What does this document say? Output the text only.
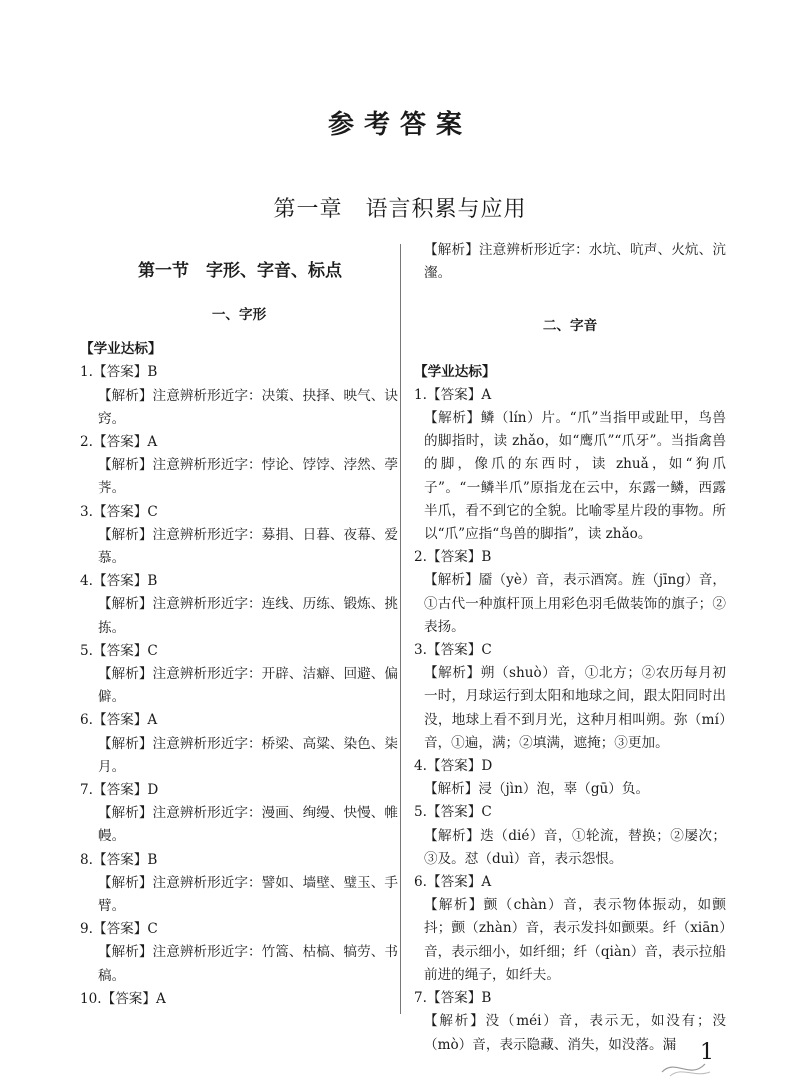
参考答案
第一章　语言积累与应用
第一节　字形、字音、标点

一、字形

【学业达标】

1.【答案】B

【解析】注意辨析形近字：决策、抉择、映气、诀窍。

2.【答案】A

【解析】注意辨析形近字：悖论、饽饽、浡然、荸荠。

3.【答案】C

【解析】注意辨析形近字：募捐、日暮、夜幕、爱慕。

4.【答案】B

【解析】注意辨析形近字：连线、历练、锻炼、挑拣。

5.【答案】C

【解析】注意辨析形近字：开辟、洁癖、回避、偏僻。

6.【答案】A

【解析】注意辨析形近字：桥梁、高粱、染色、柒月。

7.【答案】D

【解析】注意辨析形近字：漫画、绚缦、快慢、帷幔。

8.【答案】B

【解析】注意辨析形近字：譬如、墙壁、璧玉、手臂。

9.【答案】C

【解析】注意辨析形近字：竹篙、枯槁、犒劳、书稿。

10.【答案】A

【解析】注意辨析形近字：水坑、吭声、火炕、沆瀣。

二、字音

【学业达标】

1.【答案】A

【解析】鳞（lín）片。“爪”当指甲或趾甲，鸟兽的脚指时，读 zhǎo，如“鹰爪”“爪牙”。当指禽兽的脚，像爪的东西时，读 zhuǎ，如“狗爪子”。“一鳞半爪”原指龙在云中，东露一鳞，西露半爪，看不到它的全貌。比喻零星片段的事物。所以“爪”应指“鸟兽的脚指”，读 zhǎo。

2.【答案】B

【解析】靥（yè）音，表示酒窝。旌（jīng）音，①古代一种旗杆顶上用彩色羽毛做装饰的旗子；②表扬。

3.【答案】C

【解析】朔（shuò）音，①北方；②农历每月初一时，月球运行到太阳和地球之间，跟太阳同时出没，地球上看不到月光，这种月相叫朔。弥（mí）音，①遍，满；②填满，遮掩；③更加。

4.【答案】D

【解析】浸（jìn）泡，辜（gū）负。

5.【答案】C

【解析】迭（dié）音，①轮流，替换；②屡次；③及。怼（duì）音，表示怨恨。

6.【答案】A

【解析】颤（chàn）音，表示物体振动，如颤抖；颤（zhàn）音，表示发抖如颤栗。纤（xiān）音，表示细小，如纤细；纤（qiàn）音，表示拉船前进的绳子，如纤夫。

7.【答案】B

【解析】没（méi）音，表示无，如没有；没（mò）音，表示隐藏、消失，如没落。漏	1
